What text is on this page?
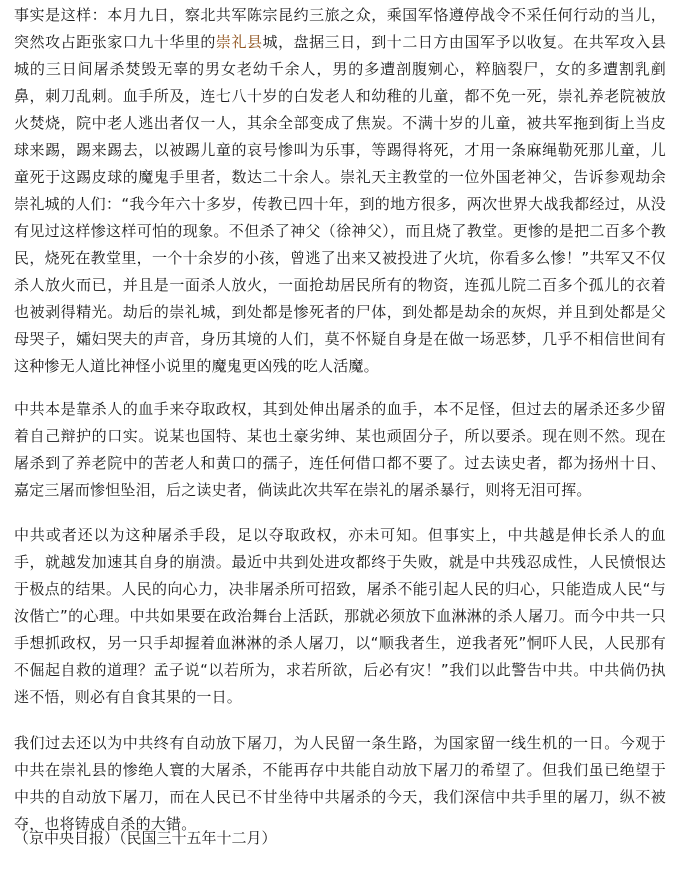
事实是这样：本月九日，察北共军陈宗昆约三旅之众，乘国军恪遵停战令不采任何行动的当儿，突然攻占距张家口九十华里的崇礼县城，盘据三日，到十二日方由国军予以收复。在共军攻入县城的三日间屠杀焚毁无辜的男女老幼千余人，男的多遭剖腹剜心，粹脑裂尸，女的多遭割乳剷鼻，刺刀乱刺。血手所及，连七八十岁的白发老人和幼稚的儿童，都不免一死，崇礼养老院被放火焚烧，院中老人逃出者仅一人，其余全部变成了焦炭。不满十岁的儿童，被共军拖到街上当皮球来踢，踢来踢去，以被踢儿童的哀号惨叫为乐事，等踢得将死，才用一条麻绳勒死那儿童，儿童死于这踢皮球的魔鬼手里者，数达二十余人。崇礼天主教堂的一位外国老神父，告诉参观劫余崇礼城的人们：“我今年六十多岁，传教已四十年，到的地方很多，两次世界大战我都经过，从没有见过这样惨这样可怕的现象。不但杀了神父（徐神父），而且烧了教堂。更惨的是把二百多个教民，烧死在教堂里，一个十余岁的小孩，曾逃了出来又被投进了火坑，你看多么惨！”共军又不仅杀人放火而已，并且是一面杀人放火，一面抢劫居民所有的物资，连孤儿院二百多个孤儿的衣着也被剥得精光。劫后的崇礼城，到处都是惨死者的尸体，到处都是劫余的灰烬，并且到处都是父母哭子，孀妇哭夫的声音，身历其境的人们，莫不怀疑自身是在做一场恶梦，几乎不相信世间有这种惨无人道比神怪小说里的魔鬼更凶残的吃人活魔。

中共本是靠杀人的血手来夺取政权，其到处伸出屠杀的血手，本不足怪，但过去的屠杀还多少留着自己辩护的口实。说某也国特、某也土豪劣绅、某也顽固分子，所以要杀。现在则不然。现在屠杀到了养老院中的苦老人和黄口的孺子，连任何借口都不要了。过去读史者，都为扬州十日、嘉定三屠而惨怛坠泪，后之读史者，倘读此次共军在崇礼的屠杀暴行，则将无泪可挥。

中共或者还以为这种屠杀手段，足以夺取政权，亦未可知。但事实上，中共越是伸长杀人的血手，就越发加速其自身的崩溃。最近中共到处进攻都终于失败，就是中共残忍成性，人民愤恨达于极点的结果。人民的向心力，决非屠杀所可招致，屠杀不能引起人民的归心，只能造成人民“与汝偕亡”的心理。中共如果要在政治舞台上活跃，那就必须放下血淋淋的杀人屠刀。而今中共一只手想抓政权，另一只手却握着血淋淋的杀人屠刀，以“顺我者生，逆我者死”恫吓人民，人民那有不倔起自救的道理？孟子说“以若所为，求若所欲，后必有灾！”我们以此警告中共。中共倘仍执迷不悟，则必有自食其果的一日。

我们过去还以为中共终有自动放下屠刀，为人民留一条生路，为国家留一线生机的一日。今观于中共在崇礼县的惨绝人寰的大屠杀，不能再存中共能自动放下屠刀的希望了。但我们虽已绝望于中共的自动放下屠刀，而在人民已不甘坐待中共屠杀的今天，我们深信中共手里的屠刀，纵不被夺，也将铸成自杀的大错。

（京中央日报）（民国三十五年十二月）
